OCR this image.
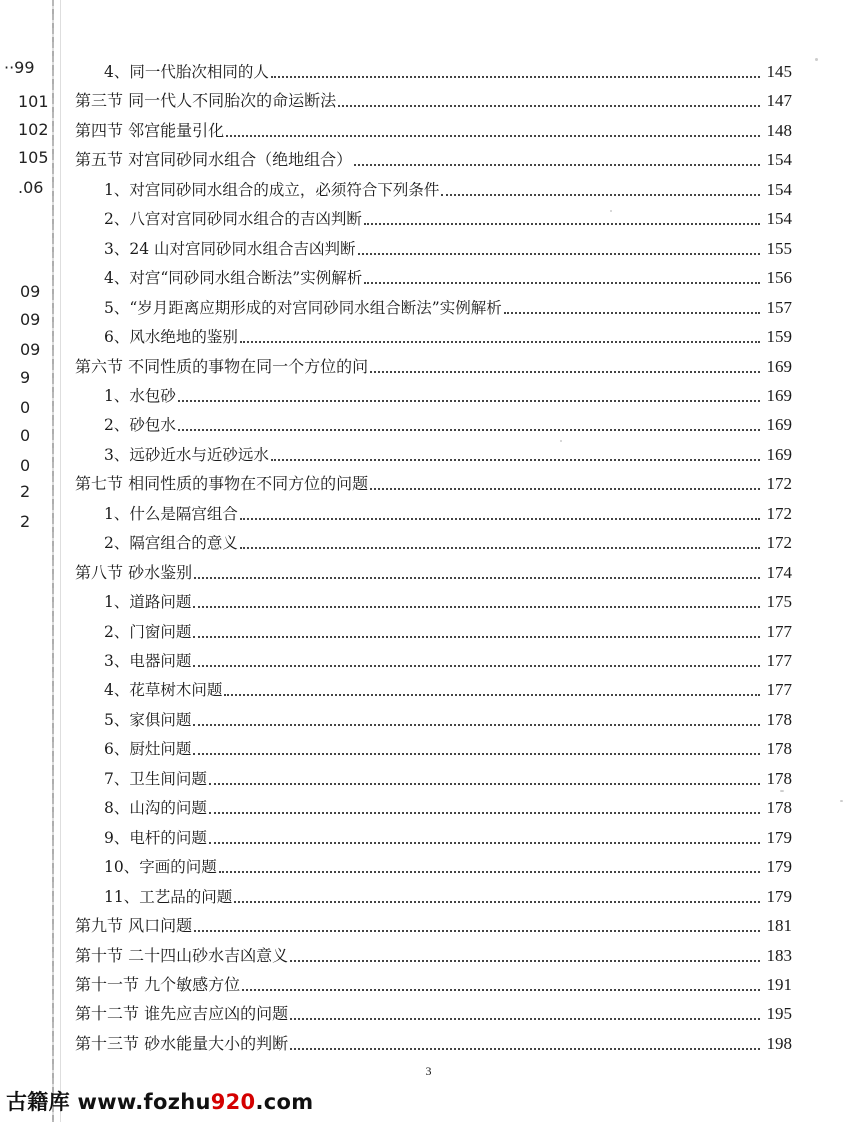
··99
101
102
105
.06
09
09
09
9
0
0
0
2
2
4、同一代胎次相同的人	145
第三节 同一代人不同胎次的命运断法	147
第四节 邻宫能量引化	148
第五节 对宫同砂同水组合（绝地组合）	154
1、对宫同砂同水组合的成立，必须符合下列条件	154
2、八宫对宫同砂同水组合的吉凶判断	154
3、24 山对宫同砂同水组合吉凶判断	155
4、对宫“同砂同水组合断法”实例解析	156
5、“岁月距离应期形成的对宫同砂同水组合断法”实例解析	157
6、风水绝地的鉴别	159
第六节 不同性质的事物在同一个方位的问	169
1、水包砂	169
2、砂包水	169
3、远砂近水与近砂远水	169
第七节 相同性质的事物在不同方位的问题	172
1、什么是隔宫组合	172
2、隔宫组合的意义	172
第八节 砂水鉴别	174
1、道路问题	175
2、门窗问题	177
3、电器问题	177
4、花草树木问题	177
5、家俱问题	178
6、厨灶问题	178
7、卫生间问题	178
8、山沟的问题	178
9、电杆的问题	179
10、字画的问题	179
11、工艺品的问题	179
第九节 风口问题	181
第十节 二十四山砂水吉凶意义	183
第十一节 九个敏感方位	191
第十二节 谁先应吉应凶的问题	195
第十三节 砂水能量大小的判断	198
3
古籍库 www.fozhu920.com
